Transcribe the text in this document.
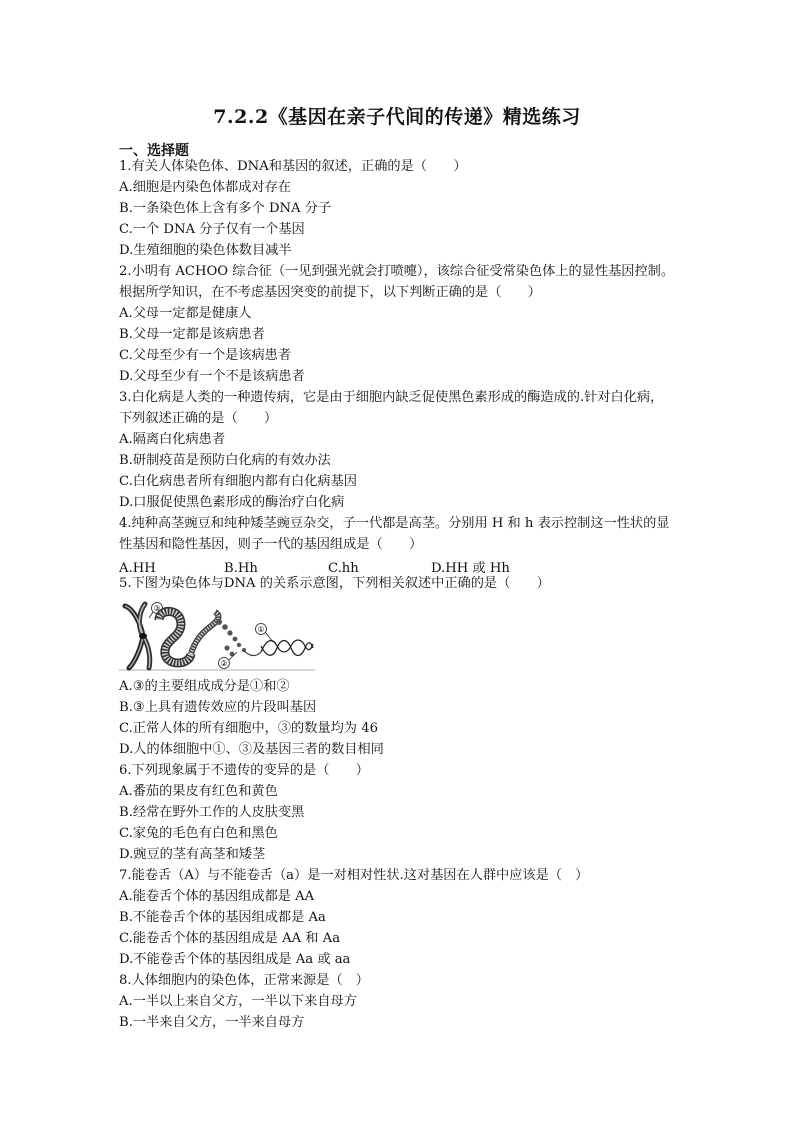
7.2.2《基因在亲子代间的传递》精选练习
一、选择题
1.有关人体染色体、DNA和基因的叙述，正确的是（　　）
A.细胞是内染色体都成对存在
B.一条染色体上含有多个 DNA 分子
C.一个 DNA 分子仅有一个基因
D.生殖细胞的染色体数目减半
2.小明有 ACHOO 综合征（一见到强光就会打喷嚏），该综合征受常染色体上的显性基因控制。
根据所学知识，在不考虑基因突变的前提下，以下判断正确的是（　　）
A.父母一定都是健康人
B.父母一定都是该病患者
C.父母至少有一个是该病患者
D.父母至少有一个不是该病患者
3.白化病是人类的一种遗传病，它是由于细胞内缺乏促使黑色素形成的酶造成的.针对白化病，
下列叙述正确的是（　　）
A.隔离白化病患者
B.研制疫苗是预防白化病的有效办法
C.白化病患者所有细胞内都有白化病基因
D.口服促使黑色素形成的酶治疗白化病
4.纯种高茎豌豆和纯种矮茎豌豆杂交，子一代都是高茎。分别用 H 和 h 表示控制这一性状的显
性基因和隐性基因，则子一代的基因组成是（　　）
A.HH	B.Hh	C.hh	D.HH 或 Hh
5.下图为染色体与DNA 的关系示意图，下列相关叙述中正确的是（　　）
③
①
②
A.③的主要组成成分是①和②
B.③上具有遗传效应的片段叫基因
C.正常人体的所有细胞中，③的数量均为 46
D.人的体细胞中①、③及基因三者的数目相同
6.下列现象属于不遗传的变异的是（　　）
A.番茄的果皮有红色和黄色
B.经常在野外工作的人皮肤变黑
C.家兔的毛色有白色和黑色
D.豌豆的茎有高茎和矮茎
7.能卷舌（A）与不能卷舌（a）是一对相对性状.这对基因在人群中应该是（　）
A.能卷舌个体的基因组成都是 AA
B.不能卷舌个体的基因组成都是 Aa
C.能卷舌个体的基因组成是 AA 和 Aa
D.不能卷舌个体的基因组成是 Aa 或 aa
8.人体细胞内的染色体，正常来源是（　）
A.一半以上来自父方，一半以下来自母方
B.一半来自父方，一半来自母方
